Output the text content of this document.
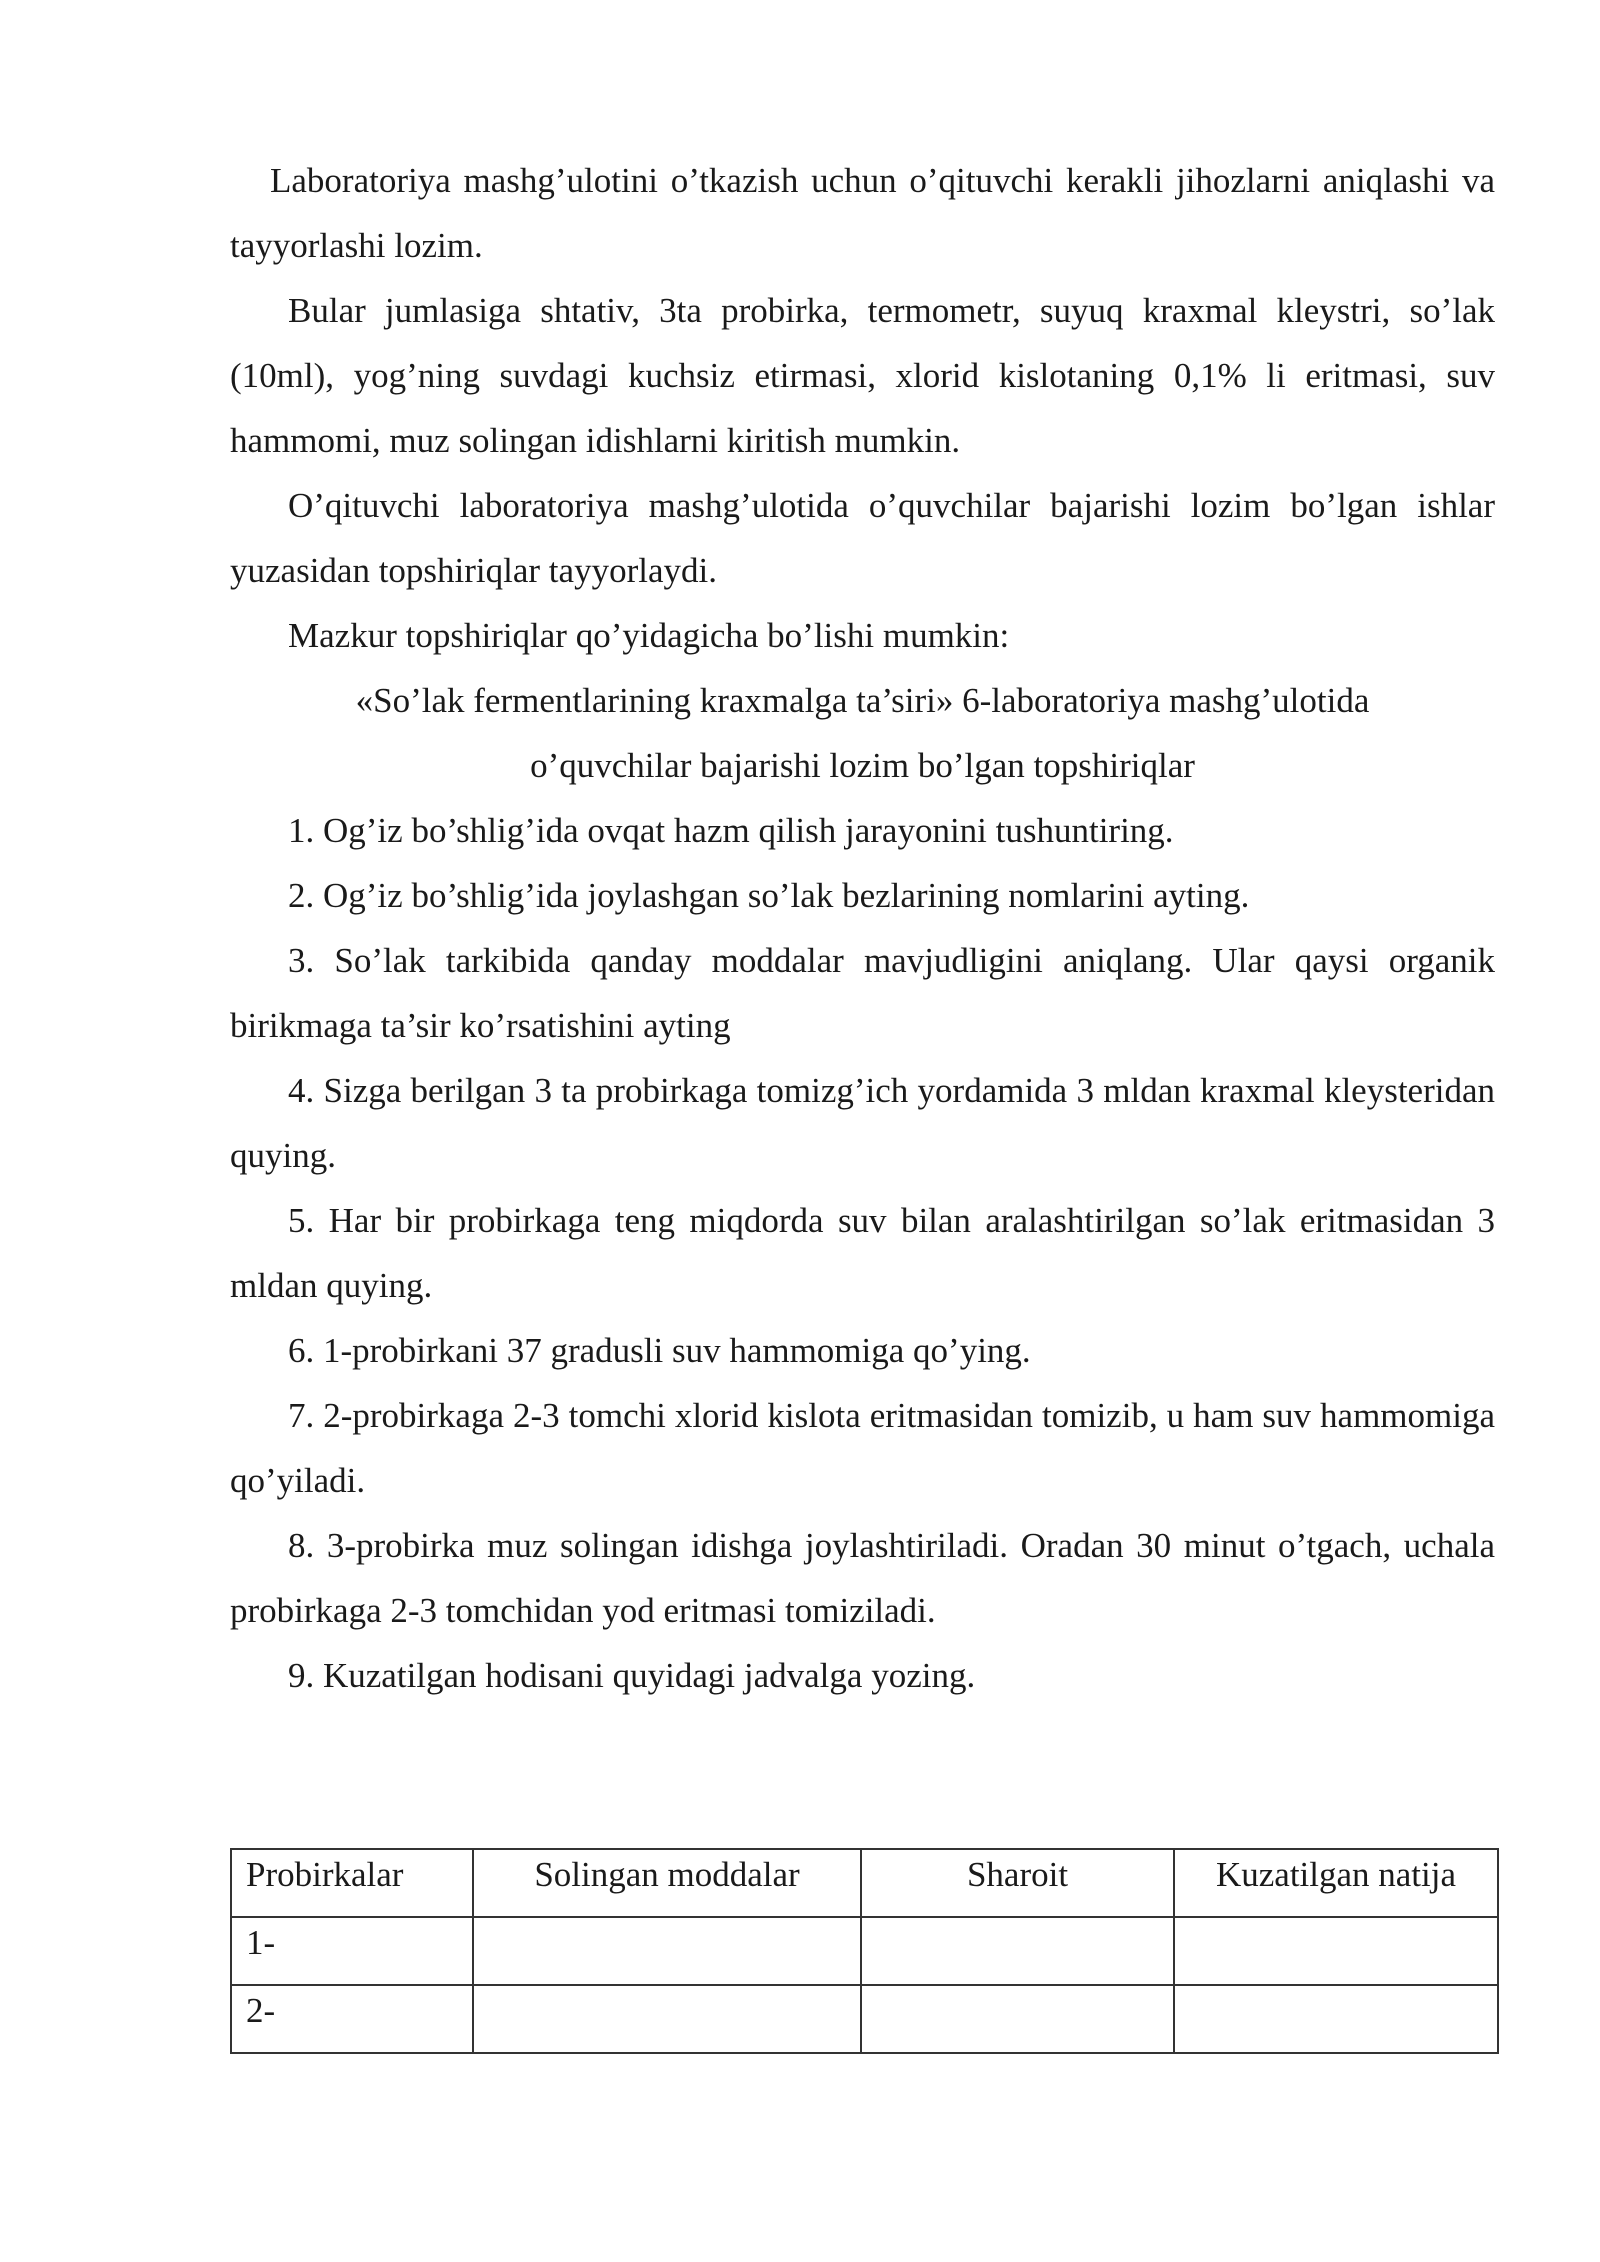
Laboratoriya mashg’ulotini o’tkazish uchun o’qituvchi kerakli jihozlarni aniqlashi va tayyorlashi lozim.

Bular jumlasiga shtativ, 3ta probirka, termometr, suyuq kraxmal kleystri, so’lak (10ml), yog’ning suvdagi kuchsiz etirmasi, xlorid kislotaning 0,1% li eritmasi, suv hammomi, muz solingan idishlarni kiritish mumkin.

O’qituvchi laboratoriya mashg’ulotida o’quvchilar bajarishi lozim bo’lgan ishlar yuzasidan topshiriqlar tayyorlaydi.

Mazkur topshiriqlar qo’yidagicha bo’lishi mumkin:

«So’lak fermentlarining kraxmalga ta’siri» 6-laboratoriya mashg’ulotida

o’quvchilar bajarishi lozim bo’lgan topshiriqlar

1. Og’iz bo’shlig’ida ovqat hazm qilish jarayonini tushuntiring.

2. Og’iz bo’shlig’ida joylashgan so’lak bezlarining nomlarini ayting.

3. So’lak tarkibida qanday moddalar mavjudligini aniqlang. Ular qaysi organik birikmaga ta’sir ko’rsatishini ayting

4. Sizga berilgan 3 ta probirkaga tomizg’ich yordamida 3 mldan kraxmal kleysteridan quying.

5. Har bir probirkaga teng miqdorda suv bilan aralashtirilgan so’lak eritmasidan 3 mldan quying.

6. 1-probirkani 37 gradusli suv hammomiga qo’ying.

7. 2-probirkaga 2-3 tomchi xlorid kislota eritmasidan tomizib, u ham suv hammomiga qo’yiladi.

8. 3-probirka muz solingan idishga joylashtiriladi. Oradan 30 minut o’tgach, uchala probirkaga 2-3 tomchidan yod eritmasi tomiziladi.

9. Kuzatilgan hodisani quyidagi jadvalga yozing.

Probirkalar	Solingan moddalar	Sharoit	Kuzatilgan natija
1-			
2-			
